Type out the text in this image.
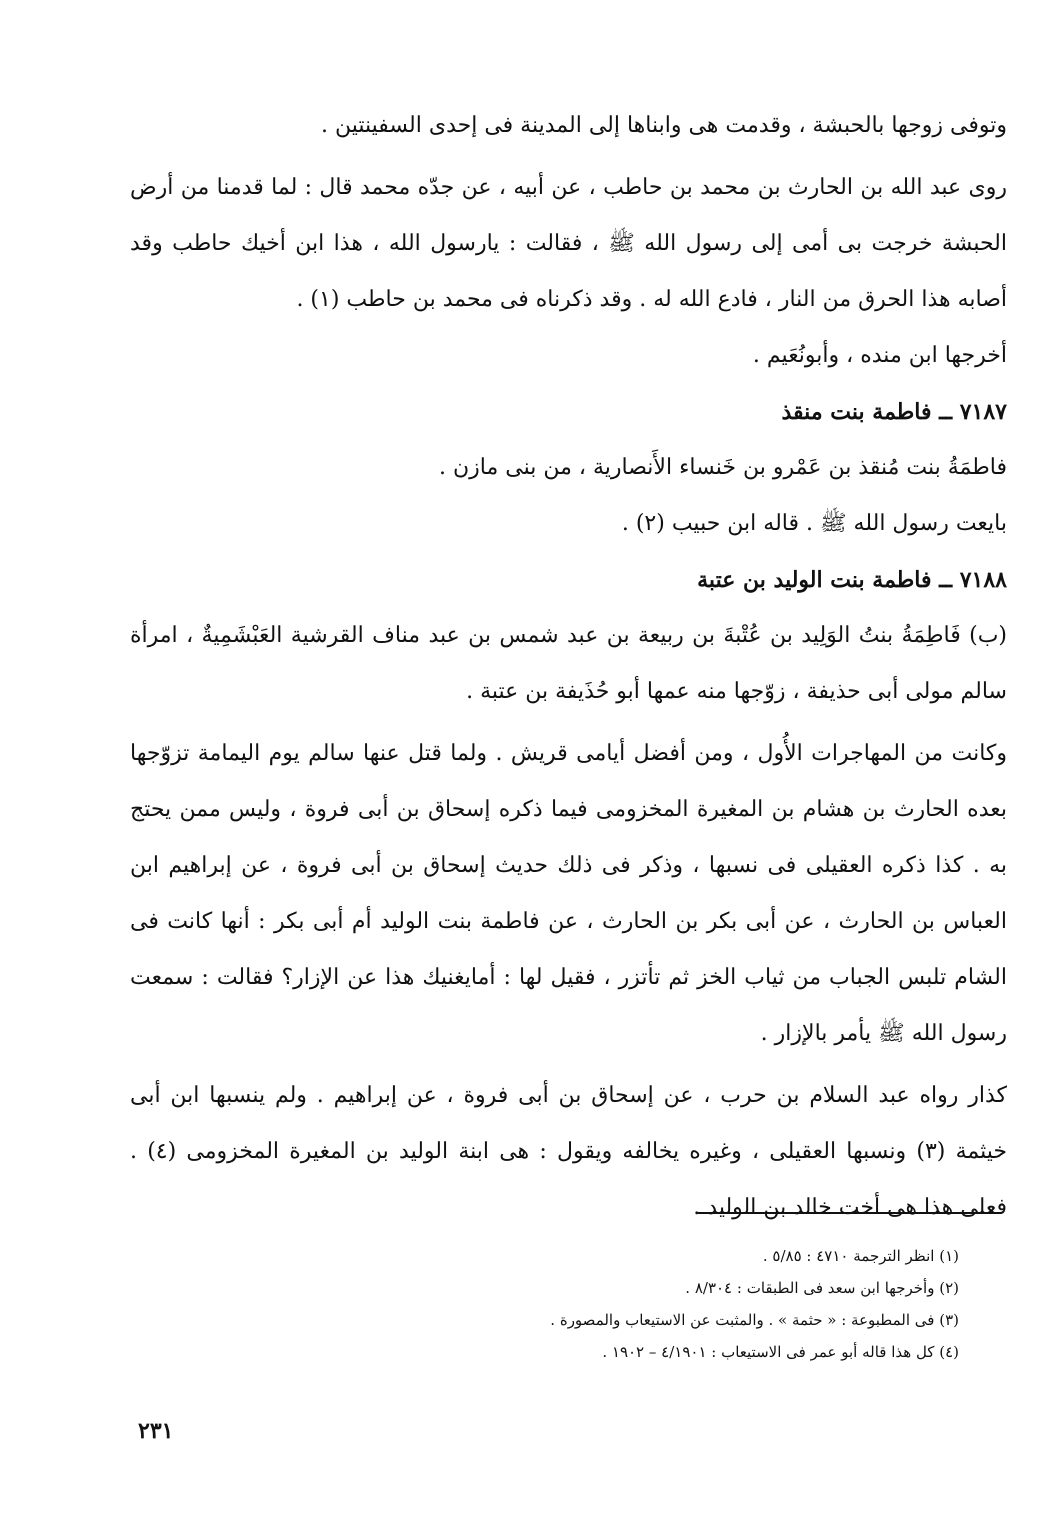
وتوفى زوجها بالحبشة ، وقدمت هى وابناها إلى المدينة فى إحدى السفينتين .

روى عبد الله بن الحارث بن محمد بن حاطب ، عن أبيه ، عن جدّه محمد قال : لما قدمنا من أرض الحبشة خرجت بى أمى إلى رسول الله ﷺ ، فقالت : يارسول الله ، هذا ابن أخيك حاطب وقد أصابه هذا الحرق من النار ، فادع الله له . وقد ذكرناه فى محمد بن حاطب (١) .

أخرجها ابن منده ، وأبونُعَيم .

٧١٨٧ ــ فاطمة بنت منقذ

فاطمَةُ بنت مُنقذ بن عَمْرو بن خَنساء الأَنصارية ، من بنى مازن .

بايعت رسول الله ﷺ . قاله ابن حبيب (٢) .

٧١٨٨ ــ فاطمة بنت الوليد بن عتبة

(ب) فَاطِمَةُ بنتُ الوَلِيد بن عُتْبةَ بن ربيعة بن عبد شمس بن عبد مناف القرشية العَبْشَمِيةٌ ، امرأة سالم مولى أبى حذيفة ، زوّجها منه عمها أبو حُذَيفة بن عتبة .

وكانت من المهاجرات الأُول ، ومن أفضل أيامى قريش . ولما قتل عنها سالم يوم اليمامة تزوّجها بعده الحارث بن هشام بن المغيرة المخزومى فيما ذكره إسحاق بن أبى فروة ، وليس ممن يحتج به . كذا ذكره العقيلى فى نسبها ، وذكر فى ذلك حديث إسحاق بن أبى فروة ، عن إبراهيم ابن العباس بن الحارث ، عن أبى بكر بن الحارث ، عن فاطمة بنت الوليد أم أبى بكر : أنها كانت فى الشام تلبس الجباب من ثياب الخز ثم تأتزر ، فقيل لها : أمايغنيك هذا عن الإزار؟ فقالت : سمعت رسول الله ﷺ يأمر بالإزار .

كذار رواه عبد السلام بن حرب ، عن إسحاق بن أبى فروة ، عن إبراهيم . ولم ينسبها ابن أبى خيثمة (٣) ونسبها العقيلى ، وغيره يخالفه ويقول : هى ابنة الوليد بن المغيرة المخزومى (٤) . فعلى هذا هى أخت خالد بن الوليد .

(١) انظر الترجمة ٤٧١٠ : ٥/٨٥ .
(٢) وأخرجها ابن سعد فى الطبقات : ٨/٣٠٤ .
(٣) فى المطبوعة : « حثمة » . والمثبت عن الاستيعاب والمصورة .
(٤) كل هذا قاله أبو عمر فى الاستيعاب : ٤/١٩٠١ – ١٩٠٢ .
٢٣١
